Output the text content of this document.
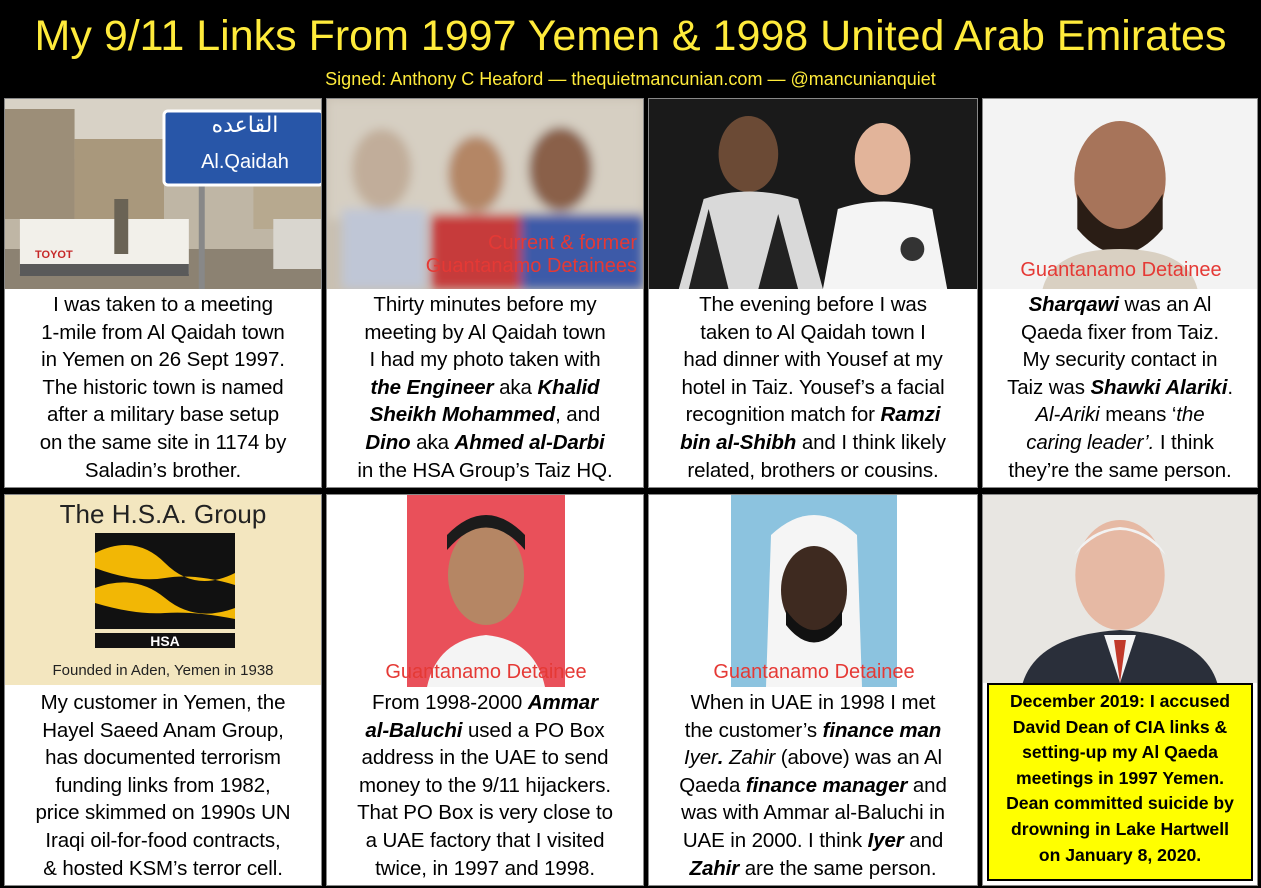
My 9/11 Links From 1997 Yemen & 1998 United Arab Emirates
Signed: Anthony C Heaford — thequietmancunian.com — @mancunianquiet
القاعده
Al.Qaidah
TOYOT
I was taken to a meeting
1-mile from Al Qaidah town
in Yemen on 26 Sept 1997.
The historic town is named
after a military base setup
on the same site in 1174 by
Saladin’s brother.
Current & former
Guantanamo Detainees
Thirty minutes before my
meeting by Al Qaidah town
I had my photo taken with
the Engineer aka Khalid
Sheikh Mohammed, and
Dino aka Ahmed al-Darbi
in the HSA Group’s Taiz HQ.
The evening before I was
taken to Al Qaidah town I
had dinner with Yousef at my
hotel in Taiz. Yousef’s a facial
recognition match for Ramzi
bin al-Shibh and I think likely
related, brothers or cousins.
Guantanamo Detainee
Sharqawi was an Al
Qaeda fixer from Taiz.
My security contact in
Taiz was Shawki Alariki.
Al-Ariki means ‘the
caring leader’. I think
they’re the same person.
The H.S.A. Group
HSA
Founded in Aden, Yemen in 1938
My customer in Yemen, the
Hayel Saeed Anam Group,
has documented terrorism
funding links from 1982,
price skimmed on 1990s UN
Iraqi oil-for-food contracts,
& hosted KSM’s terror cell.
Guantanamo Detainee
From 1998-2000 Ammar
al-Baluchi used a PO Box
address in the UAE to send
money to the 9/11 hijackers.
That PO Box is very close to
a UAE factory that I visited
twice, in 1997 and 1998.
Guantanamo Detainee
When in UAE in 1998 I met
the customer’s finance man
Iyer. Zahir (above) was an Al
Qaeda finance manager and
was with Ammar al-Baluchi in
UAE in 2000. I think Iyer and
Zahir are the same person.
December 2019: I accused
David Dean of CIA links &
setting-up my Al Qaeda
meetings in 1997 Yemen.
Dean committed suicide by
drowning in Lake Hartwell
on January 8, 2020.
